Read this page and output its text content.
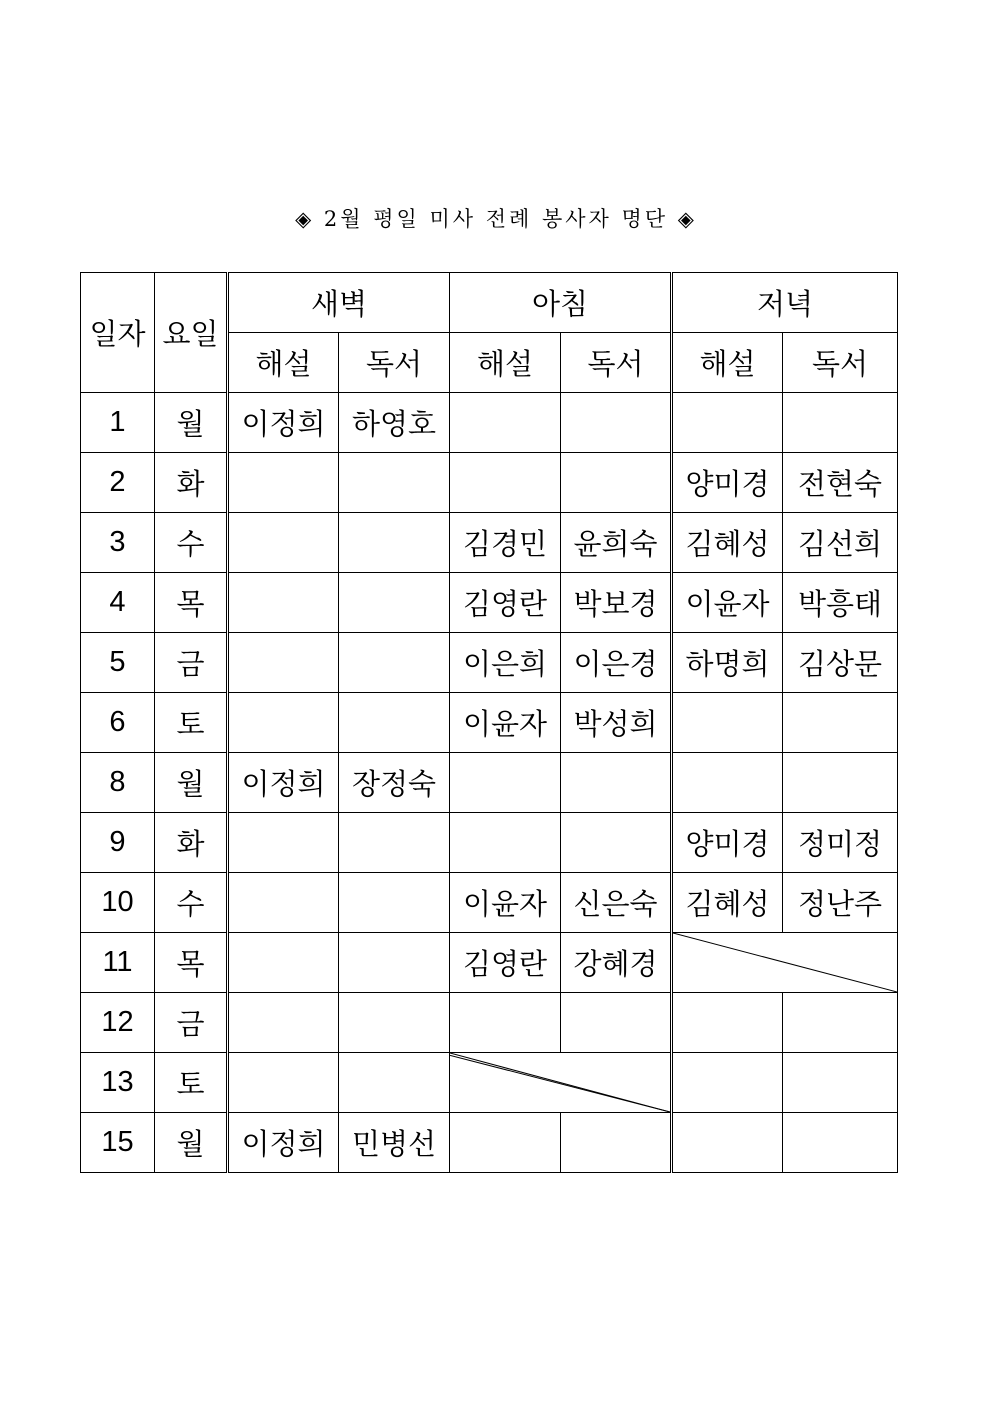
◈ 2월 평일 미사 전례 봉사자 명단 ◈
일자	요일	새벽		아침		저녁	
		해설	독서	해설	독서	해설	독서
1	월	이정희	하영호				
2	화					양미경	전현숙
3	수			김경민	윤희숙	김혜성	김선희
4	목			김영란	박보경	이윤자	박흥태
5	금			이은희	이은경	하명희	김상문
6	토			이윤자	박성희		
8	월	이정희	장정숙				
9	화					양미경	정미정
10	수			이윤자	신은숙	김혜성	정난주
11	목			김영란	강혜경	

12	금						
13	토			

15	월	이정희	민병선				
